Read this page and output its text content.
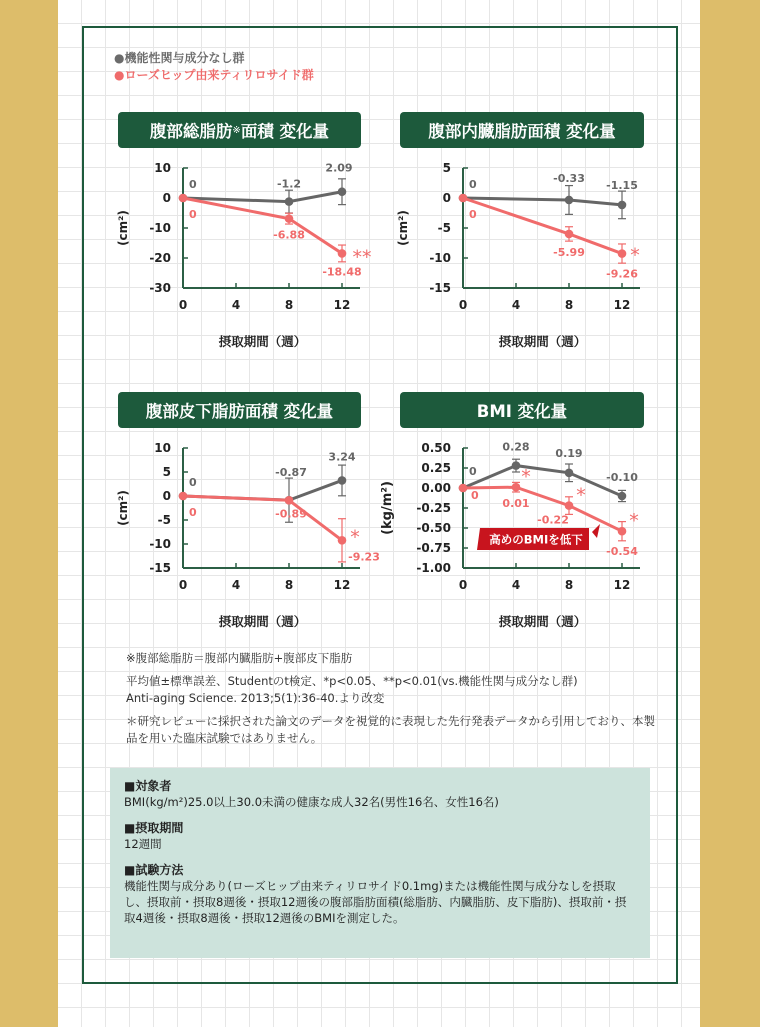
●機能性関与成分なし群
●ローズヒップ由来ティリロサイド群
腹部総脂肪 ※ 面積 変化量	腹部内臓脂肪面積 変化量
腹部皮下脂肪面積 変化量	BMI 変化量
10
0
-10
-20
-30
0	4	8	12
(cm²)
摂取期間（週）
0	-1.2
2.09
0
-6.88
-18.48
**
5
0
-5
-10
-15
0	4	8	12
(cm²)
摂取期間（週）
0	-0.33
-1.15
0
-5.99
-9.26
*
10
5
0
-5
-10
-15
0	4	8	12
(cm²)
摂取期間（週）
0
-0.87
3.24
0	-0.89
-9.23
*
0.50
0.25
0.00
-0.25
-0.50
-0.75
-1.00
0	4	8	12
(kg/m²)
摂取期間（週）
0
0.28 0.19
-0.10
0
0.01
-0.22
-0.54
*
*
*
高めのBMIを低下

※腹部総脂肪＝腹部内臓脂肪+腹部皮下脂肪

平均値±標準誤差、Studentのt検定、*p<0.05、**p<0.01(vs.機能性関与成分なし群)

Anti-aging Science. 2013;5(1):36-40.より改変

＊研究レビューに採択された論文のデータを視覚的に表現した先行発表データから引用しており、本製品を用いた臨床試験ではありません。

■対象者

BMI(kg/m²)25.0以上30.0未満の健康な成人32名(男性16名、女性16名)

■摂取期間

12週間

■試験方法

機能性関与成分あり(ローズヒップ由来ティリロサイド0.1mg)または機能性関与成分なしを摂取し、摂取前・摂取8週後・摂取12週後の腹部脂肪面積(総脂肪、内臓脂肪、皮下脂肪)、摂取前・摂取4週後・摂取8週後・摂取12週後のBMIを測定した。
